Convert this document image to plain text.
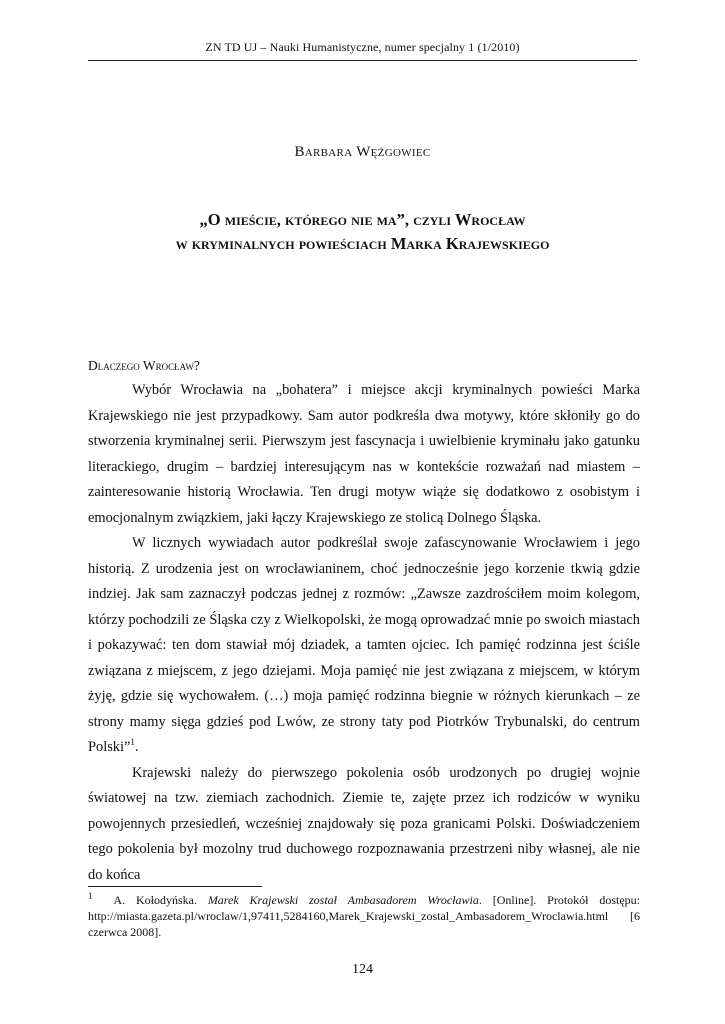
ZN TD UJ – Nauki Humanistyczne, numer specjalny 1 (1/2010)
Barbara Wężgowiec
„O mieście, którego nie ma”, czyli Wrocław
w kryminalnych powieściach Marka Krajewskiego
Dlaczego Wrocław?

Wybór Wrocławia na „bohatera” i miejsce akcji kryminalnych powieści Marka Krajewskiego nie jest przypadkowy. Sam autor podkreśla dwa motywy, które skłoniły go do stworzenia kryminalnej serii. Pierwszym jest fascynacja i uwielbienie kryminału jako gatunku literackiego, drugim – bardziej interesującym nas w kontekście rozważań nad miastem – zainteresowanie historią Wrocławia. Ten drugi motyw wiąże się dodatkowo z osobistym i emocjonalnym związkiem, jaki łączy Krajewskiego ze stolicą Dolnego Śląska.

W licznych wywiadach autor podkreślał swoje zafascynowanie Wrocławiem i jego historią. Z urodzenia jest on wrocławianinem, choć jednocześnie jego korzenie tkwią gdzie indziej. Jak sam zaznaczył podczas jednej z rozmów: „Zawsze zazdrościłem moim kolegom, którzy pochodzili ze Śląska czy z Wielkopolski, że mogą oprowadzać mnie po swoich miastach i pokazywać: ten dom stawiał mój dziadek, a tamten ojciec. Ich pamięć rodzinna jest ściśle związana z miejscem, z jego dziejami. Moja pamięć nie jest związana z miejscem, w którym żyję, gdzie się wychowałem. (…) moja pamięć rodzinna biegnie w różnych kierunkach – ze strony mamy sięga gdzieś pod Lwów, ze strony taty pod Piotrków Trybunalski, do centrum Polski”$^1$.

Krajewski należy do pierwszego pokolenia osób urodzonych po drugiej wojnie światowej na tzw. ziemiach zachodnich. Ziemie te, zajęte przez ich rodziców w wyniku powojennych przesiedleń, wcześniej znajdowały się poza granicami Polski. Doświadczeniem tego pokolenia był mozolny trud duchowego rozpoznawania przestrzeni niby własnej, ale nie do końca

$^1$ A. Kołodyńska. Marek Krajewski został Ambasadorem Wrocławia. [Online]. Protokół dostępu: http://miasta.gazeta.pl/wroclaw/1,97411,5284160,Marek_Krajewski_zostal_Ambasadorem_Wroclawia.html [6 czerwca 2008].
124
